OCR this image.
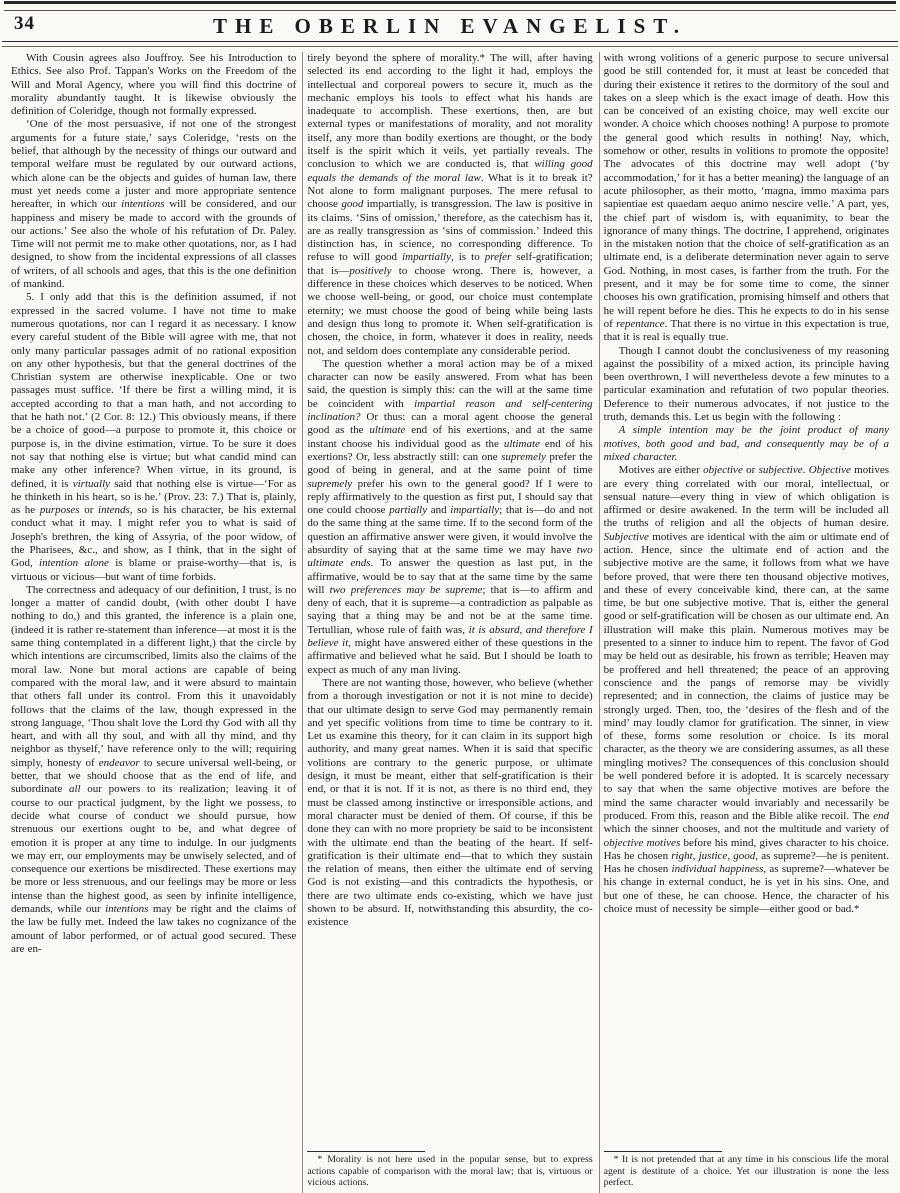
34	THE OBERLIN EVANGELIST.

With Cousin agrees also Jouffroy. See his Introduction to Ethics. See also Prof. Tappan's Works on the Freedom of the Will and Moral Agency, where you will find this doctrine of morality abundantly taught. It is likewise obviously the definition of Coleridge, though not formally expressed.

‘One of the most persuasive, if not one of the strongest arguments for a future state,’ says Coleridge, ‘rests on the belief, that although by the necessity of things our outward and temporal welfare must be regulated by our outward actions, which alone can be the objects and guides of human law, there must yet needs come a juster and more appropriate sentence hereafter, in which our intentions will be considered, and our happiness and misery be made to accord with the grounds of our actions.’ See also the whole of his refutation of Dr. Paley. Time will not permit me to make other quotations, nor, as I had designed, to show from the incidental expressions of all classes of writers, of all schools and ages, that this is the one definition of mankind.

5. I only add that this is the definition assumed, if not expressed in the sacred volume. I have not time to make numerous quotations, nor can I regard it as necessary. I know every careful student of the Bible will agree with me, that not only many particular passages admit of no rational exposition on any other hypothesis, but that the general doctrines of the Christian system are otherwise inexplicable. One or two passages must suffice. ‘If there be first a willing mind, it is accepted according to that a man hath, and not according to that he hath not.’ (2 Cor. 8: 12.) This obviously means, if there be a choice of good—a purpose to promote it, this choice or purpose is, in the divine estimation, virtue. To be sure it does not say that nothing else is virtue; but what candid mind can make any other inference? When virtue, in its ground, is defined, it is virtually said that nothing else is virtue—‘For as he thinketh in his heart, so is he.’ (Prov. 23: 7.) That is, plainly, as he purposes or intends, so is his character, be his external conduct what it may. I might refer you to what is said of Joseph's brethren, the king of Assyria, of the poor widow, of the Pharisees, &c., and show, as I think, that in the sight of God, intention alone is blame or praise-worthy—that is, is virtuous or vicious—but want of time forbids.

The correctness and adequacy of our definition, I trust, is no longer a matter of candid doubt, (with other doubt I have nothing to do,) and this granted, the inference is a plain one, (indeed it is rather re-statement than inference—at most it is the same thing contemplated in a different light,) that the circle by which intentions are circumscribed, limits also the claims of the moral law. None but moral actions are capable of being compared with the moral law, and it were absurd to maintain that others fall under its control. From this it unavoidably follows that the claims of the law, though expressed in the strong language, ‘Thou shalt love the Lord thy God with all thy heart, and with all thy soul, and with all thy mind, and thy neighbor as thyself,’ have reference only to the will; requiring simply, honesty of endeavor to secure universal well-being, or better, that we should choose that as the end of life, and subordinate all our powers to its realization; leaving it of course to our practical judgment, by the light we possess, to decide what course of conduct we should pursue, how strenuous our exertions ought to be, and what degree of emotion it is proper at any time to indulge. In our judgments we may err, our employments may be unwisely selected, and of consequence our exertions be misdirected. These exertions may be more or less strenuous, and our feelings may be more or less intense than the highest good, as seen by infinite intelligence, demands, while our intentions may be right and the claims of the law be fully met. Indeed the law takes no cognizance of the amount of labor performed, or of actual good secured. These are en-

tirely beyond the sphere of morality.* The will, after having selected its end according to the light it had, employs the intellectual and corporeal powers to secure it, much as the mechanic employs his tools to effect what his hands are inadequate to accomplish. These exertions, then, are but external types or manifestations of morality, and not morality itself, any more than bodily exertions are thought, or the body itself is the spirit which it veils, yet partially reveals. The conclusion to which we are conducted is, that willing good equals the demands of the moral law. What is it to break it? Not alone to form malignant purposes. The mere refusal to choose good impartially, is transgression. The law is positive in its claims. ‘Sins of omission,’ therefore, as the catechism has it, are as really transgression as ‘sins of commission.’ Indeed this distinction has, in science, no corresponding difference. To refuse to will good impartially, is to prefer self-gratification; that is—positively to choose wrong. There is, however, a difference in these choices which deserves to be noticed. When we choose well-being, or good, our choice must contemplate eternity; we must choose the good of being while being lasts and design thus long to promote it. When self-gratification is chosen, the choice, in form, whatever it does in reality, needs not, and seldom does contemplate any considerable period.

The question whether a moral action may be of a mixed character can now be easily answered. From what has been said, the question is simply this: can the will at the same time be coincident with impartial reason and self-centering inclination? Or thus: can a moral agent choose the general good as the ultimate end of his exertions, and at the same instant choose his individual good as the ultimate end of his exertions? Or, less abstractly still: can one supremely prefer the good of being in general, and at the same point of time supremely prefer his own to the general good? If I were to reply affirmatively to the question as first put, I should say that one could choose partially and impartially; that is—do and not do the same thing at the same time. If to the second form of the question an affirmative answer were given, it would involve the absurdity of saying that at the same time we may have two ultimate ends. To answer the question as last put, in the affirmative, would be to say that at the same time by the same will two preferences may be supreme; that is—to affirm and deny of each, that it is supreme—a contradiction as palpable as saying that a thing may be and not be at the same time. Tertullian, whose rule of faith was, it is absurd, and therefore I believe it, might have answered either of these questions in the affirmative and believed what he said. But I should be loath to expect as much of any man living.

There are not wanting those, however, who believe (whether from a thorough investigation or not it is not mine to decide) that our ultimate design to serve God may permanently remain and yet specific volitions from time to time be contrary to it. Let us examine this theory, for it can claim in its support high authority, and many great names. When it is said that specific volitions are contrary to the generic purpose, or ultimate design, it must be meant, either that self-gratification is their end, or that it is not. If it is not, as there is no third end, they must be classed among instinctive or irresponsible actions, and moral character must be denied of them. Of course, if this be done they can with no more propriety be said to be inconsistent with the ultimate end than the beating of the heart. If self-gratification is their ultimate end—that to which they sustain the relation of means, then either the ultimate end of serving God is not existing—and this contradicts the hypothesis, or there are two ultimate ends co-existing, which we have just shown to be absurd. If, notwithstanding this absurdity, the co-existence

* Morality is not here used in the popular sense, but to express actions capable of comparison with the moral law; that is, virtuous or vicious actions.

with wrong volitions of a generic purpose to secure universal good be still contended for, it must at least be conceded that during their existence it retires to the dormitory of the soul and takes on a sleep which is the exact image of death. How this can be conceived of an existing choice, may well excite our wonder. A choice which chooses nothing! A purpose to promote the general good which results in nothing! Nay, which, somehow or other, results in volitions to promote the opposite! The advocates of this doctrine may well adopt (‘by accommodation,’ for it has a better meaning) the language of an acute philosopher, as their motto, ‘magna, immo maxima pars sapientiae est quaedam aequo animo nescire velle.’ A part, yes, the chief part of wisdom is, with equanimity, to bear the ignorance of many things. The doctrine, I apprehend, originates in the mistaken notion that the choice of self-gratification as an ultimate end, is a deliberate determination never again to serve God. Nothing, in most cases, is farther from the truth. For the present, and it may be for some time to come, the sinner chooses his own gratification, promising himself and others that he will repent before he dies. This he expects to do in his sense of repentance. That there is no virtue in this expectation is true, that it is real is equally true.

Though I cannot doubt the conclusiveness of my reasoning against the possibility of a mixed action, its principle having been overthrown, I will nevertheless devote a few minutes to a particular examination and refutation of two popular theories. Deference to their numerous advocates, if not justice to the truth, demands this. Let us begin with the following :

A simple intention may be the joint product of many motives, both good and bad, and consequently may be of a mixed character.

Motives are either objective or subjective. Objective motives are every thing correlated with our moral, intellectual, or sensual nature—every thing in view of which obligation is affirmed or desire awakened. In the term will be included all the truths of religion and all the objects of human desire. Subjective motives are identical with the aim or ultimate end of action. Hence, since the ultimate end of action and the subjective motive are the same, it follows from what we have before proved, that were there ten thousand objective motives, and these of every conceivable kind, there can, at the same time, be but one subjective motive. That is, either the general good or self-gratification will be chosen as our ultimate end. An illustration will make this plain. Numerous motives may be presented to a sinner to induce him to repent. The favor of God may be held out as desirable, his frown as terrible; Heaven may be proffered and hell threatened; the peace of an approving conscience and the pangs of remorse may be vividly represented; and in connection, the claims of justice may be strongly urged. Then, too, the ‘desires of the flesh and of the mind’ may loudly clamor for gratification. The sinner, in view of these, forms some resolution or choice. Is its moral character, as the theory we are considering assumes, as all these mingling motives? The consequences of this conclusion should be well pondered before it is adopted. It is scarcely necessary to say that when the same objective motives are before the mind the same character would invariably and necessarily be produced. From this, reason and the Bible alike recoil. The end which the sinner chooses, and not the multitude and variety of objective motives before his mind, gives character to his choice. Has he chosen right, justice, good, as supreme?—he is penitent. Has he chosen individual happiness, as supreme?—whatever be his change in external conduct, he is yet in his sins. One, and but one of these, he can choose. Hence, the character of his choice must of necessity be simple—either good or bad.*

* It is not pretended that at any time in his conscious life the moral agent is destitute of a choice. Yet our illustration is none the less perfect.
